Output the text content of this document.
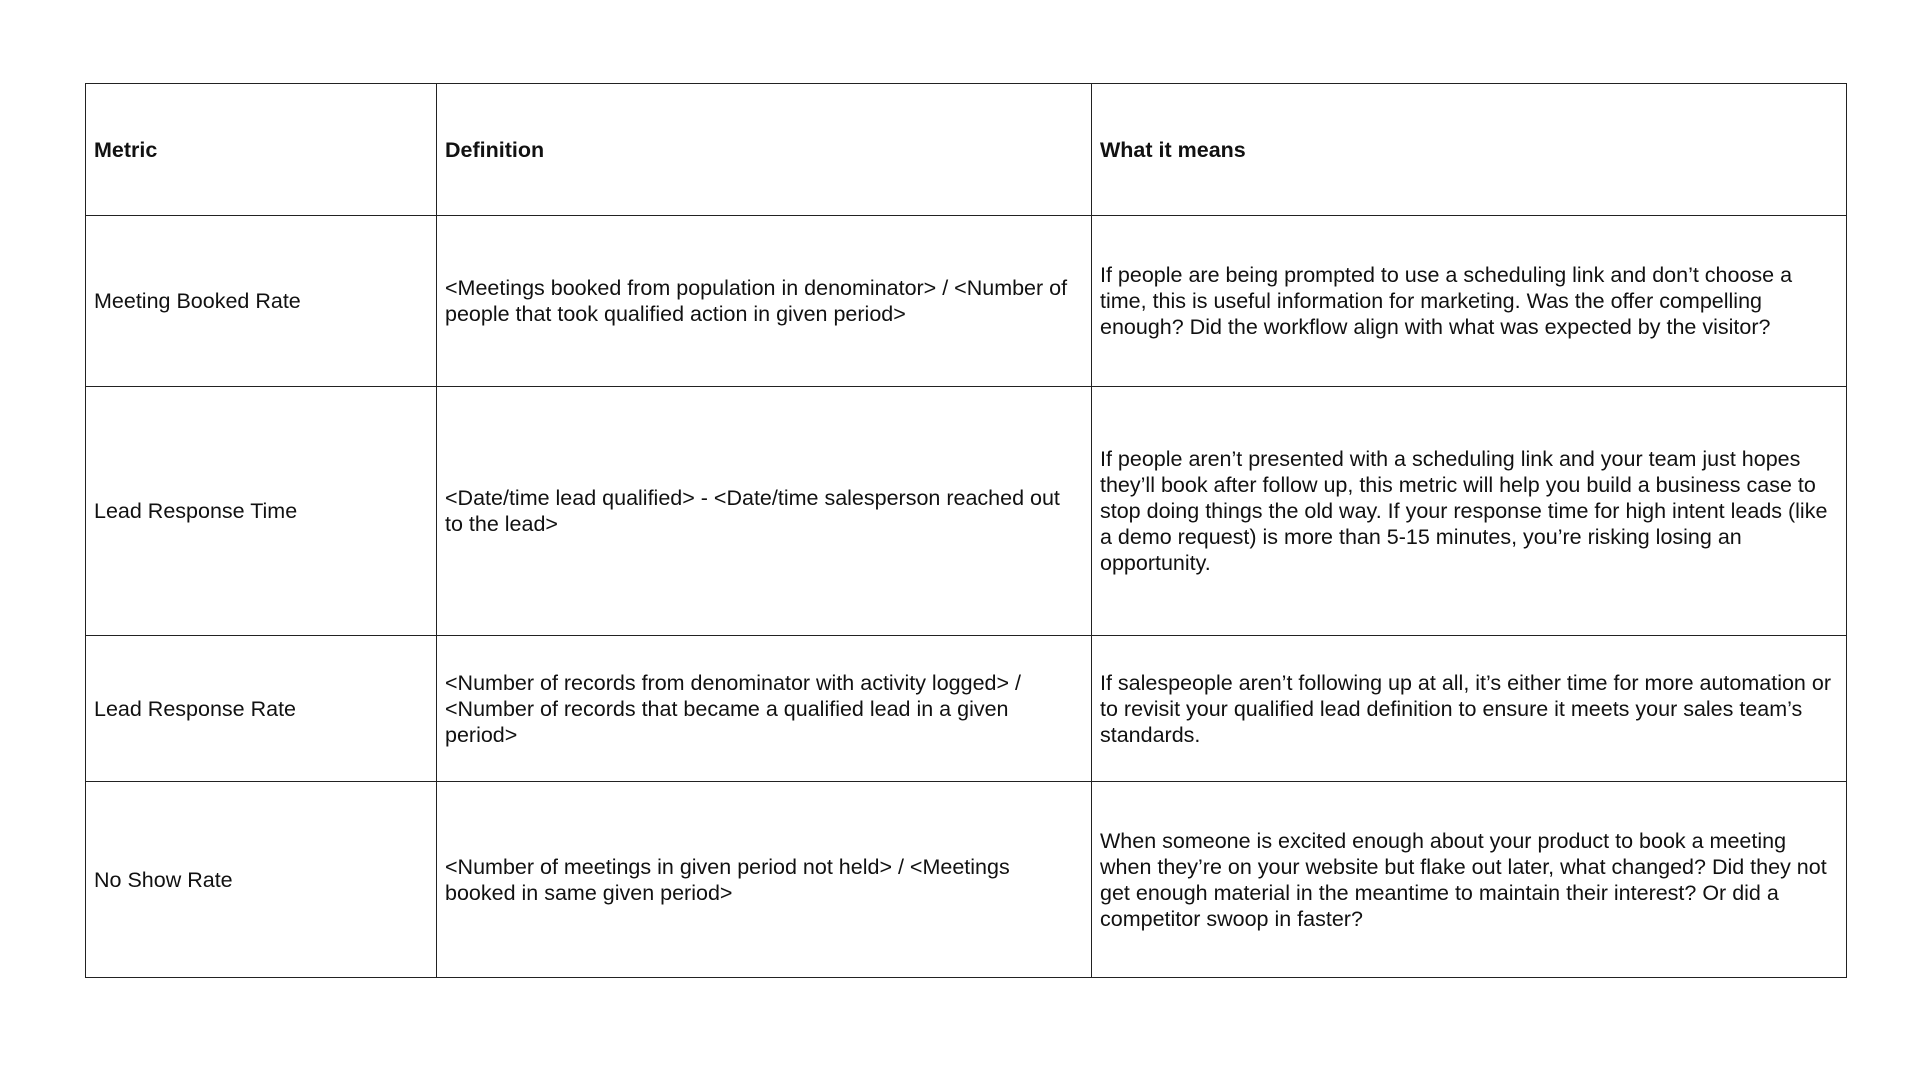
Metric	Definition	What it means
Meeting Booked Rate	<Meetings booked from population in denominator> / <Number of people that took qualified action in given period>	If people are being prompted to use a scheduling link and don’t choose a time, this is useful information for marketing. Was the offer compelling enough? Did the workflow align with what was expected by the visitor?
Lead Response Time	<Date/time lead qualified> - <Date/time salesperson reached out to the lead>	If people aren’t presented with a scheduling link and your team just hopes they’ll book after follow up, this metric will help you build a business case to stop doing things the old way. If your response time for high intent leads (like a demo request) is more than 5-15 minutes, you’re risking losing an opportunity.
Lead Response Rate	<Number of records from denominator with activity logged> / <Number of records that became a qualified lead in a given period>	If salespeople aren’t following up at all, it’s either time for more automation or to revisit your qualified lead definition to ensure it meets your sales team’s standards.
No Show Rate	<Number of meetings in given period not held> / <Meetings booked in same given period>	When someone is excited enough about your product to book a meeting when they’re on your website but flake out later, what changed? Did they not get enough material in the meantime to maintain their interest? Or did a competitor swoop in faster?
